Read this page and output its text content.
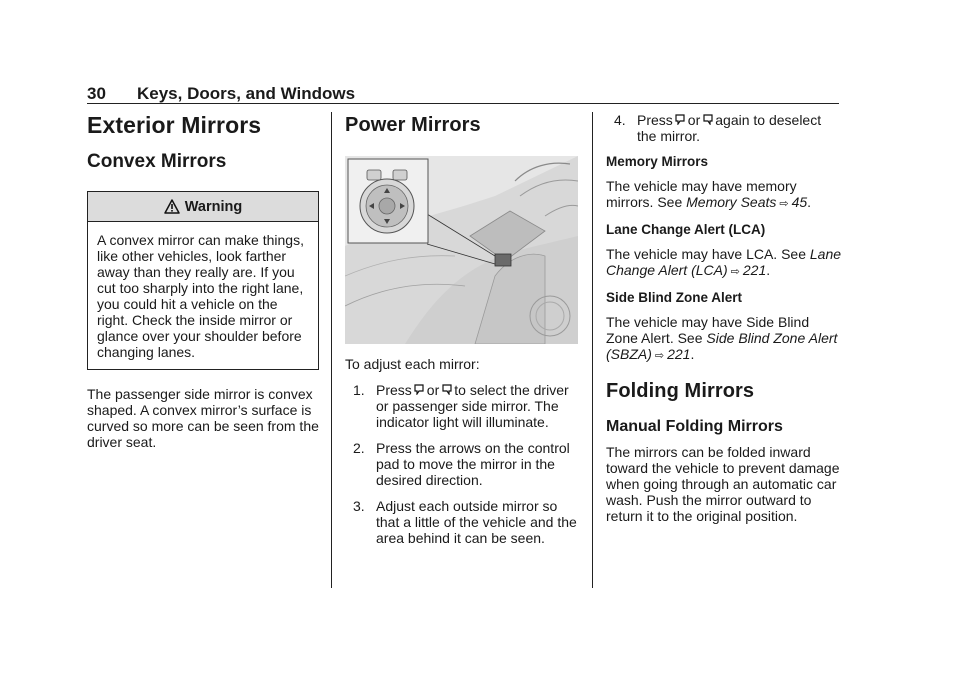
30 Keys, Doors, and Windows
Exterior Mirrors
Convex Mirrors
Warning
A convex mirror can make things, like other vehicles, look farther away than they really are. If you cut too sharply into the right lane, you could hit a vehicle on the right. Check the inside mirror or glance over your shoulder before changing lanes.

The passenger side mirror is convex shaped. A convex mirror’s surface is curved so more can be seen from the driver seat.

Power Mirrors

To adjust each mirror:

1. Press or to select the driver or passenger side mirror. The indicator light will illuminate.
2. Press the arrows on the control pad to move the mirror in the desired direction.
3. Adjust each outside mirror so that a little of the vehicle and the area behind it can be seen.
4. Press or again to deselect the mirror.
Memory Mirrors

The vehicle may have memory mirrors. See Memory Seats ⇨ 45.

Lane Change Alert (LCA)

The vehicle may have LCA. See Lane Change Alert (LCA) ⇨ 221.

Side Blind Zone Alert

The vehicle may have Side Blind Zone Alert. See Side Blind Zone Alert (SBZA) ⇨ 221.

Folding Mirrors
Manual Folding Mirrors

The mirrors can be folded inward toward the vehicle to prevent damage when going through an automatic car wash. Push the mirror outward to return it to the original position.
